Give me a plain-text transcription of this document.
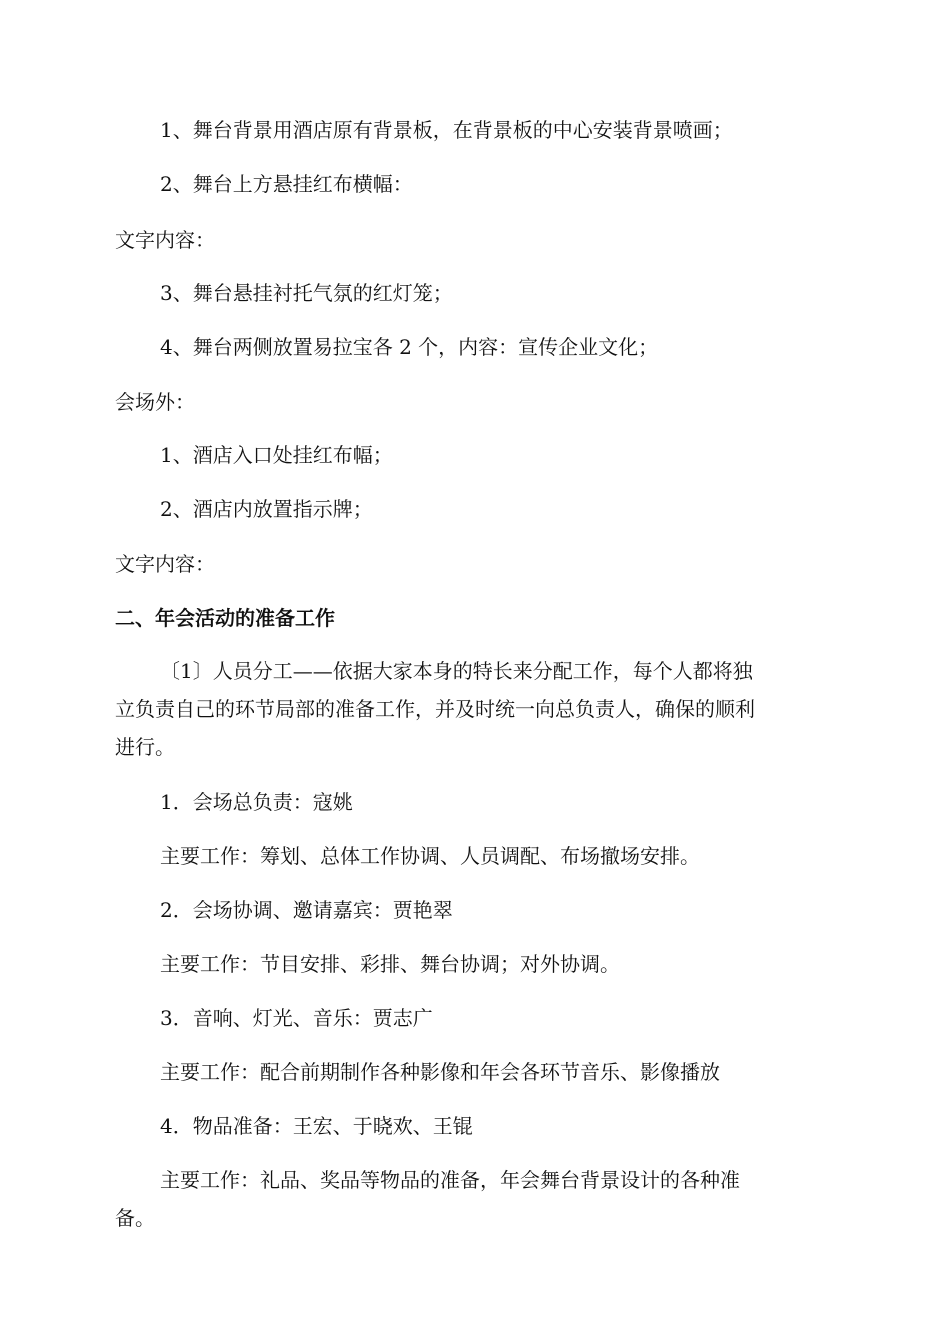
1、舞台背景用酒店原有背景板，在背景板的中心安装背景喷画；
2、舞台上方悬挂红布横幅：
文字内容：
3、舞台悬挂衬托气氛的红灯笼；
4、舞台两侧放置易拉宝各 2 个，内容：宣传企业文化；
会场外：
1、酒店入口处挂红布幅；
2、酒店内放置指示牌；
文字内容：
二、年会活动的准备工作
〔1〕人员分工——依据大家本身的特长来分配工作，每个人都将独
立负责自己的环节局部的准备工作，并及时统一向总负责人，确保的顺利
进行。
1．会场总负责：寇姚
主要工作：筹划、总体工作协调、人员调配、布场撤场安排。
2．会场协调、邀请嘉宾：贾艳翠
主要工作：节目安排、彩排、舞台协调；对外协调。
3．音响、灯光、音乐：贾志广
主要工作：配合前期制作各种影像和年会各环节音乐、影像播放
4．物品准备：王宏、于晓欢、王锟
主要工作：礼品、奖品等物品的准备，年会舞台背景设计的各种准
备。
